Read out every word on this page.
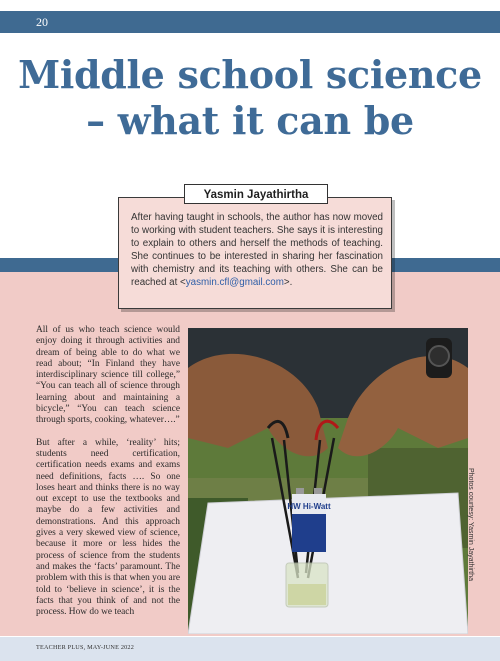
20
Middle school science
– what it can be
After having taught in schools, the author has now moved to working with student teachers. She says it is interesting to explain to others and herself the methods of teaching. She continues to be interested in sharing her fascination with chemistry and its teaching with others. She can be reached at <yasmin.cfl@gmail.com>.
Yasmin Jayathirtha

All of us who teach science would enjoy doing it through activities and dream of being able to do what we read about; “In Finland they have interdisciplinary science till college,” “You can teach all of science through learning about and maintaining a bicycle,” “You can teach science through sports, cooking, whatever….”

But after a while, ‘reality’ hits; students need certification, certification needs exams and exams need definitions, facts …. So one loses heart and thinks there is no way out except to use the textbooks and maybe do a few activities and demonstrations. And this approach gives a very skewed view of science, because it more or less hides the process of science from the students and makes the ‘facts’ paramount. The problem with this is that when you are told to ‘believe in science’, it is the facts that you think of and not the process. How do we teach

HW Hi-Watt	Photos courtesy: Yasmin Jayathirtha
TEACHER PLUS, MAY-JUNE 2022
